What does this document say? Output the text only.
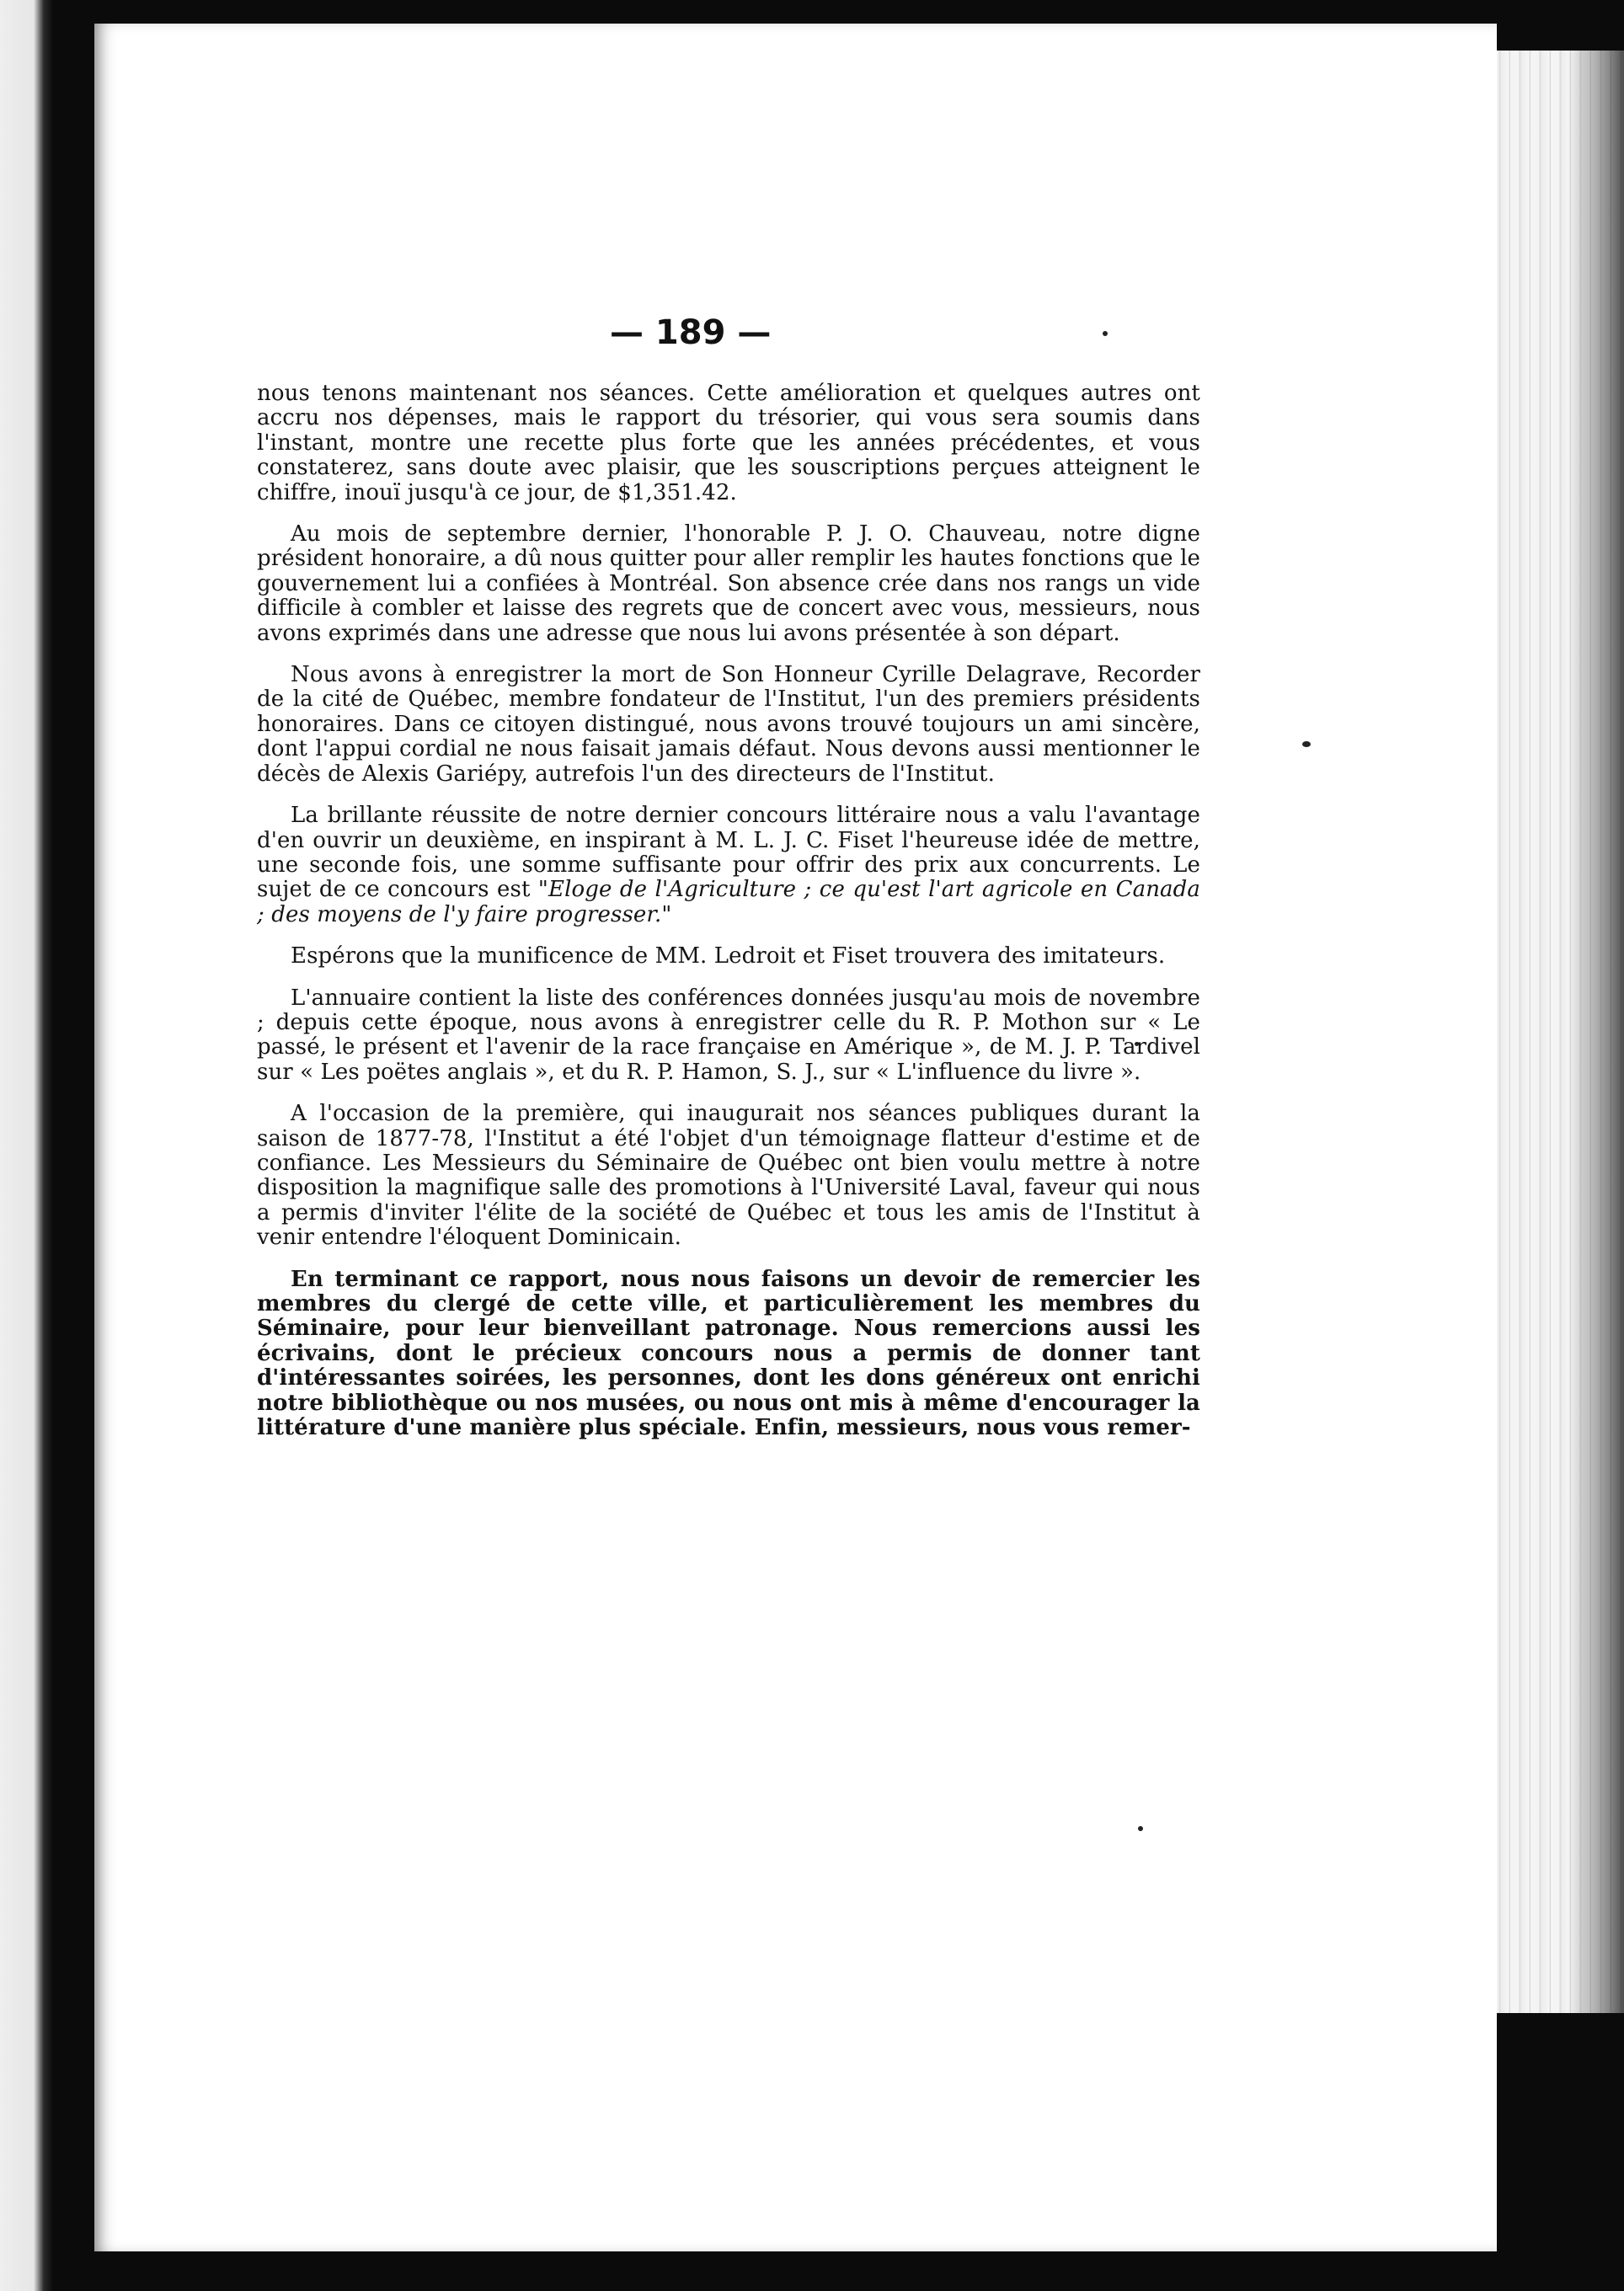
— 189 —

nous tenons maintenant nos séances. Cette amélioration et quelques autres ont accru nos dépenses, mais le rapport du trésorier, qui vous sera soumis dans l'instant, montre une recette plus forte que les années précédentes, et vous constaterez, sans doute avec plaisir, que les souscriptions perçues atteignent le chiffre, inouï jusqu'à ce jour, de $1,351.42.

Au mois de septembre dernier, l'honorable P. J. O. Chauveau, notre digne président honoraire, a dû nous quitter pour aller remplir les hautes fonctions que le gouvernement lui a confiées à Montréal. Son absence crée dans nos rangs un vide difficile à combler et laisse des regrets que de concert avec vous, messieurs, nous avons exprimés dans une adresse que nous lui avons présentée à son départ.

Nous avons à enregistrer la mort de Son Honneur Cyrille Delagrave, Recorder de la cité de Québec, membre fondateur de l'Institut, l'un des premiers présidents honoraires. Dans ce citoyen distingué, nous avons trouvé toujours un ami sincère, dont l'appui cordial ne nous faisait jamais défaut. Nous devons aussi mentionner le décès de Alexis Gariépy, autrefois l'un des directeurs de l'Institut.

La brillante réussite de notre dernier concours littéraire nous a valu l'avantage d'en ouvrir un deuxième, en inspirant à M. L. J. C. Fiset l'heureuse idée de mettre, une seconde fois, une somme suffisante pour offrir des prix aux concurrents. Le sujet de ce concours est "Eloge de l'Agriculture ; ce qu'est l'art agricole en Canada ; des moyens de l'y faire progresser."

Espérons que la munificence de MM. Ledroit et Fiset trouvera des imitateurs.

L'annuaire contient la liste des conférences données jusqu'au mois de novembre ; depuis cette époque, nous avons à enregistrer celle du R. P. Mothon sur « Le passé, le présent et l'avenir de la race française en Amérique », de M. J. P. Tardivel sur « Les poëtes anglais », et du R. P. Hamon, S. J., sur « L'influence du livre ».

A l'occasion de la première, qui inaugurait nos séances publiques durant la saison de 1877-78, l'Institut a été l'objet d'un témoignage flatteur d'estime et de confiance. Les Messieurs du Séminaire de Québec ont bien voulu mettre à notre disposition la magnifique salle des promotions à l'Université Laval, faveur qui nous a permis d'inviter l'élite de la société de Québec et tous les amis de l'Institut à venir entendre l'éloquent Dominicain.

En terminant ce rapport, nous nous faisons un devoir de remercier les membres du clergé de cette ville, et particulièrement les membres du Séminaire, pour leur bienveillant patronage. Nous remercions aussi les écrivains, dont le précieux concours nous a permis de donner tant d'intéressantes soirées, les personnes, dont les dons généreux ont enrichi notre bibliothèque ou nos musées, ou nous ont mis à même d'encourager la littérature d'une manière plus spéciale. Enfin, messieurs, nous vous remer-
